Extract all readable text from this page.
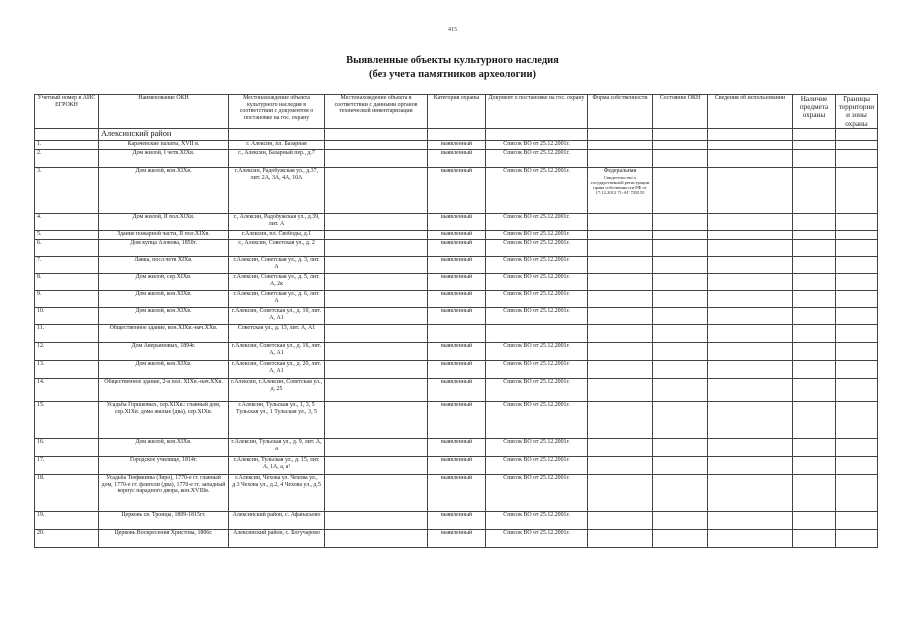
415
Выявленные объекты культурного наследия
(без учета памятников археологии)
Учетный номер в АИС ЕГРОКН	Наименование ОКН	Местонахождение объекта культурного наследия в соответствии с документом о постановке на гос. охрану	Местонахождение объекта в соответствии с данными органов технической инвентаризации	Категория охраны	Документ о постановке на гос. охрану	Форма собственности	Состояние ОКН	Сведения об использовании	Наличие предмета охраны	Границы территории и зоны охраны
	Алексинский район									

1.	Карачевские палаты, XVII в.	г. Алексин, пл. Базарная		выявленный	Список ВО от 25.12.2001г.					

2.	Дом жилой, I четв.XIXв.	г., Алексин, Базарный пер., д.7		выявленный	Список ВО от 25.12.2001г.					

3.	Дом жилой, кон.XIXв.	г.Алексин, Радобужская ул., д.37, лит. 2А, 3А, 4А, 10А		выявленный	Список ВО от 25.12.2001г.	Федеральная
Свидетельство о государственной регистрации права собственности РФ от 17.12.2012 71-АГ 728155				

4.	Дом жилой, II пол.XIXв.	г., Алексин, Радобужская ул., д.39, лит. А		выявленный	Список ВО от 25.12.2001г.					

5.	Здание пожарной части, II пол.XIXв.	г.Алексин, пл. Свободы, д.1		выявленный	Список ВО от 25.12.2001г.					

6.	Дом купца Азовова, 1850г.	г., Алексин, Советская ул., д. 2		выявленный	Список ВО от 25.12.2001г.					

7.	Лавка, посл.четв XIXв.	г.Алексин, Советская ул., д. 3, лит. А		выявленный	Список ВО от 25.12.2001г.					

8.	Дом жилой, сер.XIXв.	г.Алексин, Советская ул., д. 5, лит. А, 2к		выявленный	Список ВО от 25.12.2001г.					

9.	Дом жилой, кон.XIXв.	г.Алексин, Советская ул., д. 6, лит. А		выявленный	Список ВО от 25.12.2001г.					

10.	Дом жилой, кон.XIXв.	г.Алексин, Советская ул., д. 10, лит. А, А1		выявленный	Список ВО от 25.12.2001г.					

11.	Общественное здание, кон.XIXв.-нач.XXв.	Советская ул., д. 13, лит. А, А1								

12.	Дом Аверьяновых, 1894г.	г.Алексин, Советская ул., д. 16, лит. А, А1		выявленный	Список ВО от 25.12.2001г.					

13.	Дом жилой, кон.XIXв.	г.Алексин, Советская ул., д. 20, лит. А, А1		выявленный	Список ВО от 25.12.2001г.					

14.	Общественное здание, 2-я пол. XIXв.-нач.XXв.	г.Алексин, г.Алексин, Советская ул., д. 25		выявленный	Список ВО от 25.12.2001г.					

15.	Усадьба Горшковых, сер.XIXв.: главный дом, сер.XIXв. дома жилые (два), сер.XIXв.	г.Алексин, Тульская ул., 1, 3, 5 Тульская ул., 1 Тульская ул., 3, 5		выявленный	Список ВО от 25.12.2001г.					

16.	Дом жилой, кон.XIXв.	г.Алексин, Тульская ул., д. 9, лит. А, а		выявленный	Список ВО от 25.12.2001г.					

17.	Городское училище, 1814г.	г.Алексин, Тульская ул., д. 15, лит. А, 1А, а, а¹		выявленный	Список ВО от 25.12.2001г.					

18.	Усадьба Тюфякины (Зиро), 1770-е гг. главный дом, 1770-е гг. флигели (два), 1770-е гг. западный корпус парадного двора, кон.XVIIIв.	г.Алексин, Чехова ул. Чехова ул., д.3 Чехова ул., д.2, 4 Чехова ул., д.5		выявленный	Список ВО от 25.12.2001г.					

19.	Церковь св. Троицы, 1809-1815гг.	Алексинский район, с. Афанасьево		выявленный	Список ВО от 25.12.2001г.					

20.	Церковь Воскресения Христова, 1806г.	Алексинский район, с. Богучарово		выявленный	Список ВО от 25.12.2001г.					
